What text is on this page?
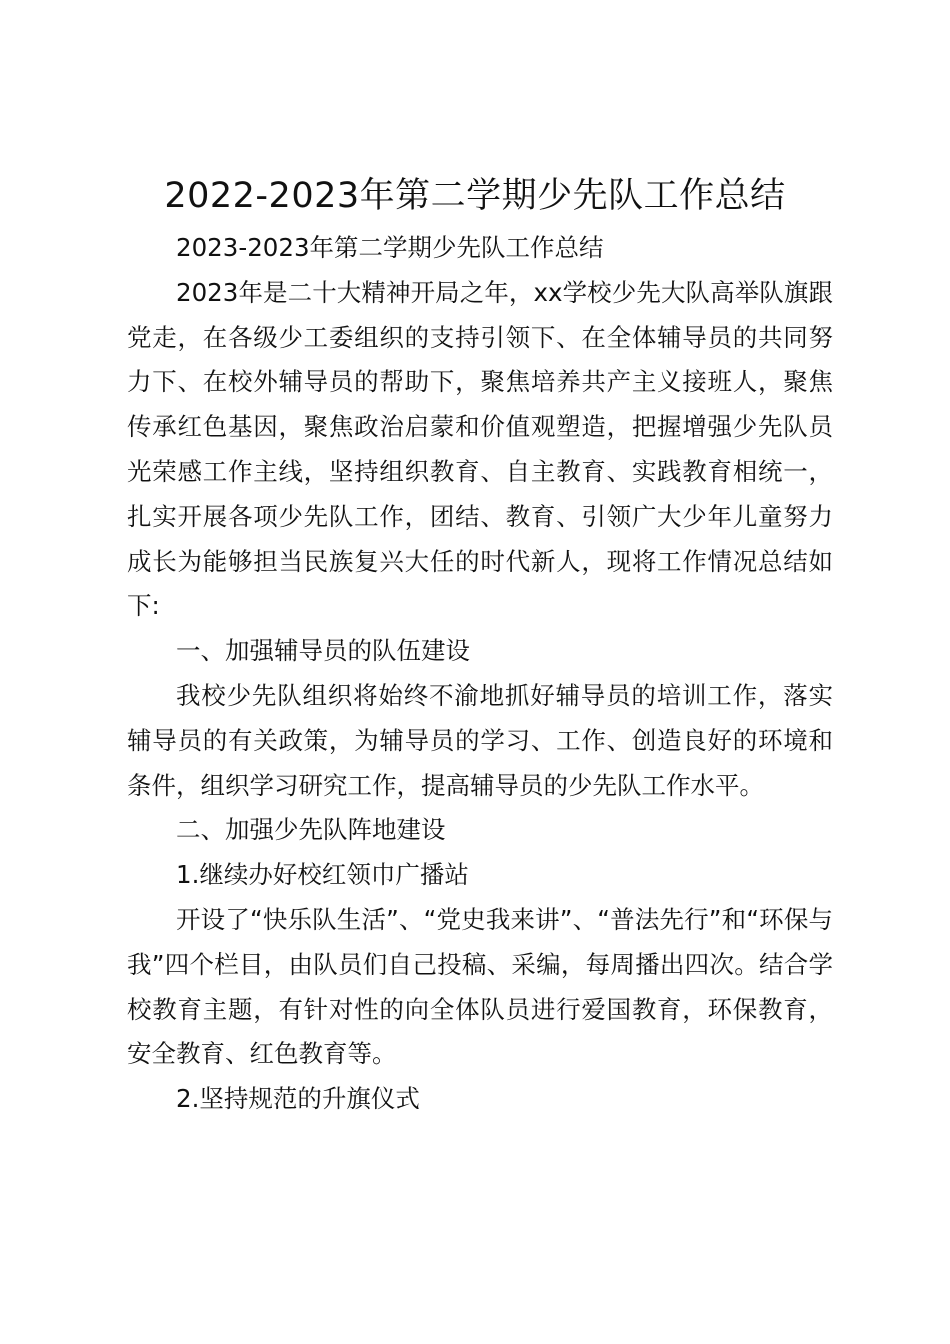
2022-2023年第二学期少先队工作总结

2023-2023年第二学期少先队工作总结

2023年是二十大精神开局之年，xx学校少先大队高举队旗跟党走，在各级少工委组织的支持引领下、在全体辅导员的共同努力下、在校外辅导员的帮助下，聚焦培养共产主义接班人，聚焦传承红色基因，聚焦政治启蒙和价值观塑造，把握增强少先队员光荣感工作主线，坚持组织教育、自主教育、实践教育相统一，扎实开展各项少先队工作，团结、教育、引领广大少年儿童努力成长为能够担当民族复兴大任的时代新人，现将工作情况总结如下:

一、加强辅导员的队伍建设

我校少先队组织将始终不渝地抓好辅导员的培训工作，落实辅导员的有关政策，为辅导员的学习、工作、创造良好的环境和条件，组织学习研究工作，提高辅导员的少先队工作水平。

二、加强少先队阵地建设

1.继续办好校红领巾广播站

开设了“快乐队生活”、“党史我来讲”、“普法先行”和“环保与我”四个栏目，由队员们自己投稿、采编，每周播出四次。结合学校教育主题，有针对性的向全体队员进行爱国教育，环保教育，安全教育、红色教育等。

2.坚持规范的升旗仪式
